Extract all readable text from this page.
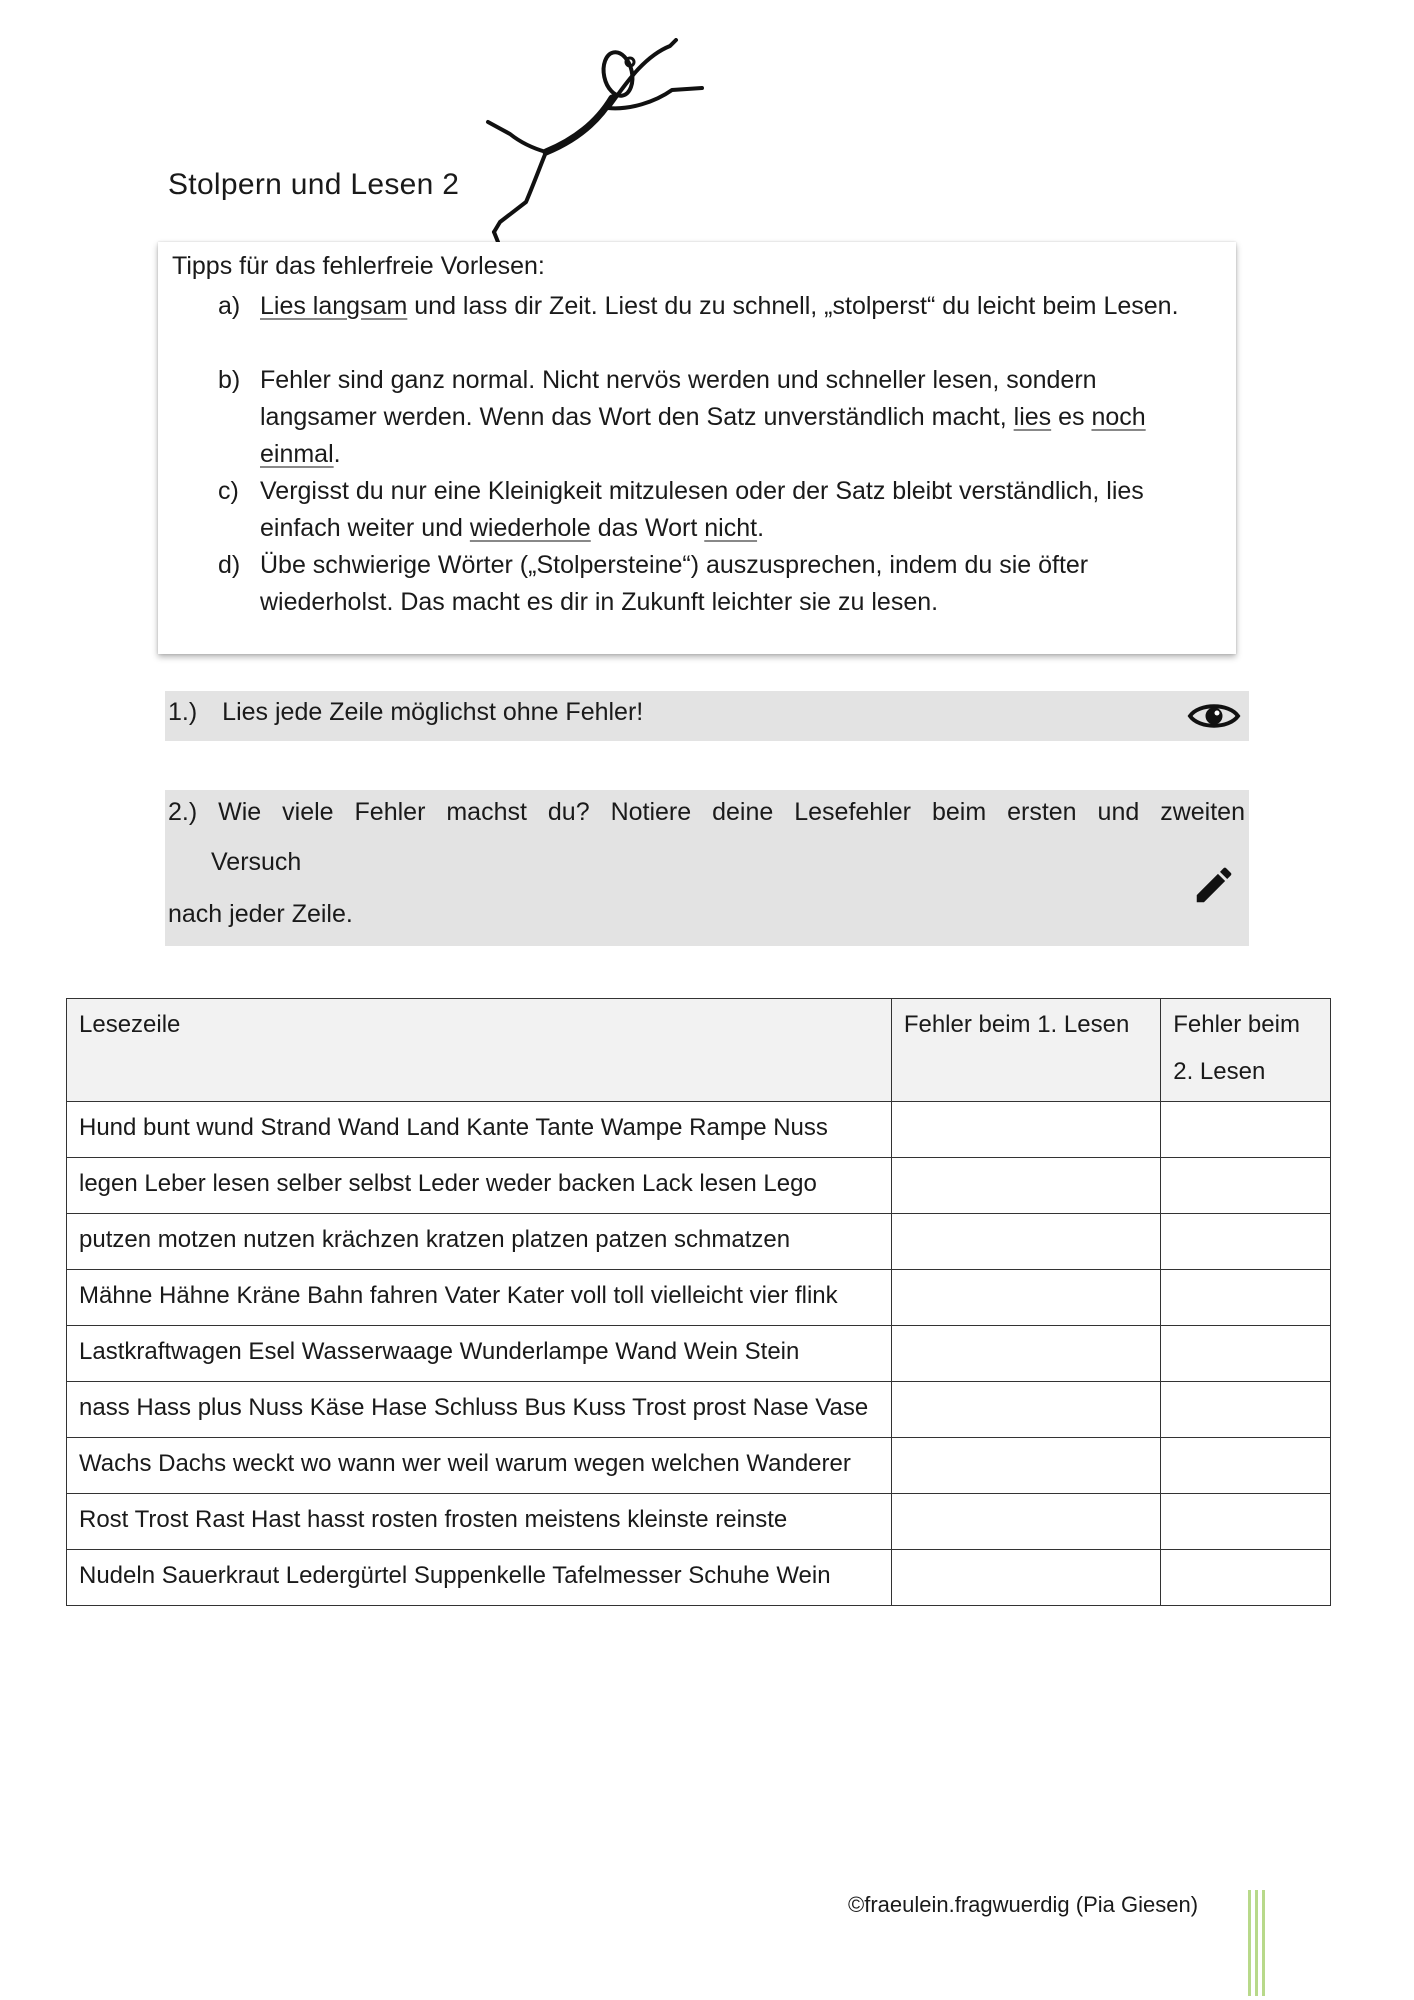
Stolpern und Lesen 2
Tipps für das fehlerfreie Vorlesen:
a) Lies langsam und lass dir Zeit. Liest du zu schnell, „stolperst“ du leicht beim Lesen.
b) Fehler sind ganz normal. Nicht nervös werden und schneller lesen, sondern langsamer werden. Wenn das Wort den Satz unverständlich macht, lies es noch einmal.
c) Vergisst du nur eine Kleinigkeit mitzulesen oder der Satz bleibt verständlich, lies einfach weiter und wiederhole das Wort nicht.
d) Übe schwierige Wörter („Stolpersteine“) auszusprechen, indem du sie öfter wiederholst. Das macht es dir in Zukunft leichter sie zu lesen.
1.) Lies jede Zeile möglichst ohne Fehler!
2.) Wie viele Fehler machst du? Notiere deine Lesefehler beim ersten und zweiten
Versuch
nach jeder Zeile.
Lesezeile	Fehler beim 1. Lesen	Fehler beim 2. Lesen
Hund bunt wund Strand Wand Land Kante Tante Wampe Rampe Nuss		
legen Leber lesen selber selbst Leder weder backen Lack lesen Lego		
putzen motzen nutzen krächzen kratzen platzen patzen schmatzen		
Mähne Hähne Kräne Bahn fahren Vater Kater voll toll vielleicht vier flink		
Lastkraftwagen Esel Wasserwaage Wunderlampe Wand Wein Stein		
nass Hass plus Nuss Käse Hase Schluss Bus Kuss Trost prost Nase Vase		
Wachs Dachs weckt wo wann wer weil warum wegen welchen Wanderer		
Rost Trost Rast Hast hasst rosten frosten meistens kleinste reinste		
Nudeln Sauerkraut Ledergürtel Suppenkelle Tafelmesser Schuhe Wein		
©fraeulein.fragwuerdig (Pia Giesen)
